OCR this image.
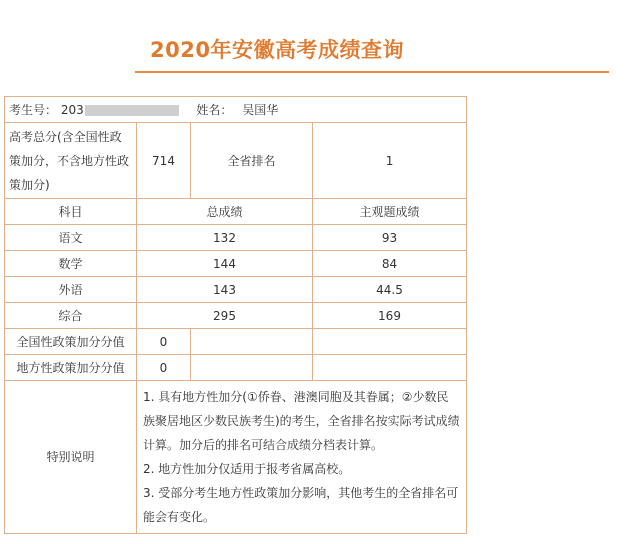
2020年安徽高考成绩查询
考生号： 203 姓名： 吴国华			
高考总分(含全国性政策加分，不含地方性政策加分)	714	全省排名	1
科目	总成绩		主观题成绩
语文	132		93
数学	144		84
外语	143		44.5
综合	295		169
全国性政策加分分值	0		
地方性政策加分分值	0		
特别说明	1. 具有地方性加分(①侨眷、港澳同胞及其眷属；②少数民族聚居地区少数民族考生)的考生，全省排名按实际考试成绩计算。加分后的排名可结合成绩分档表计算。

2. 地方性加分仅适用于报考省属高校。

3. 受部分考生地方性政策加分影响，其他考生的全省排名可能会有变化。		
